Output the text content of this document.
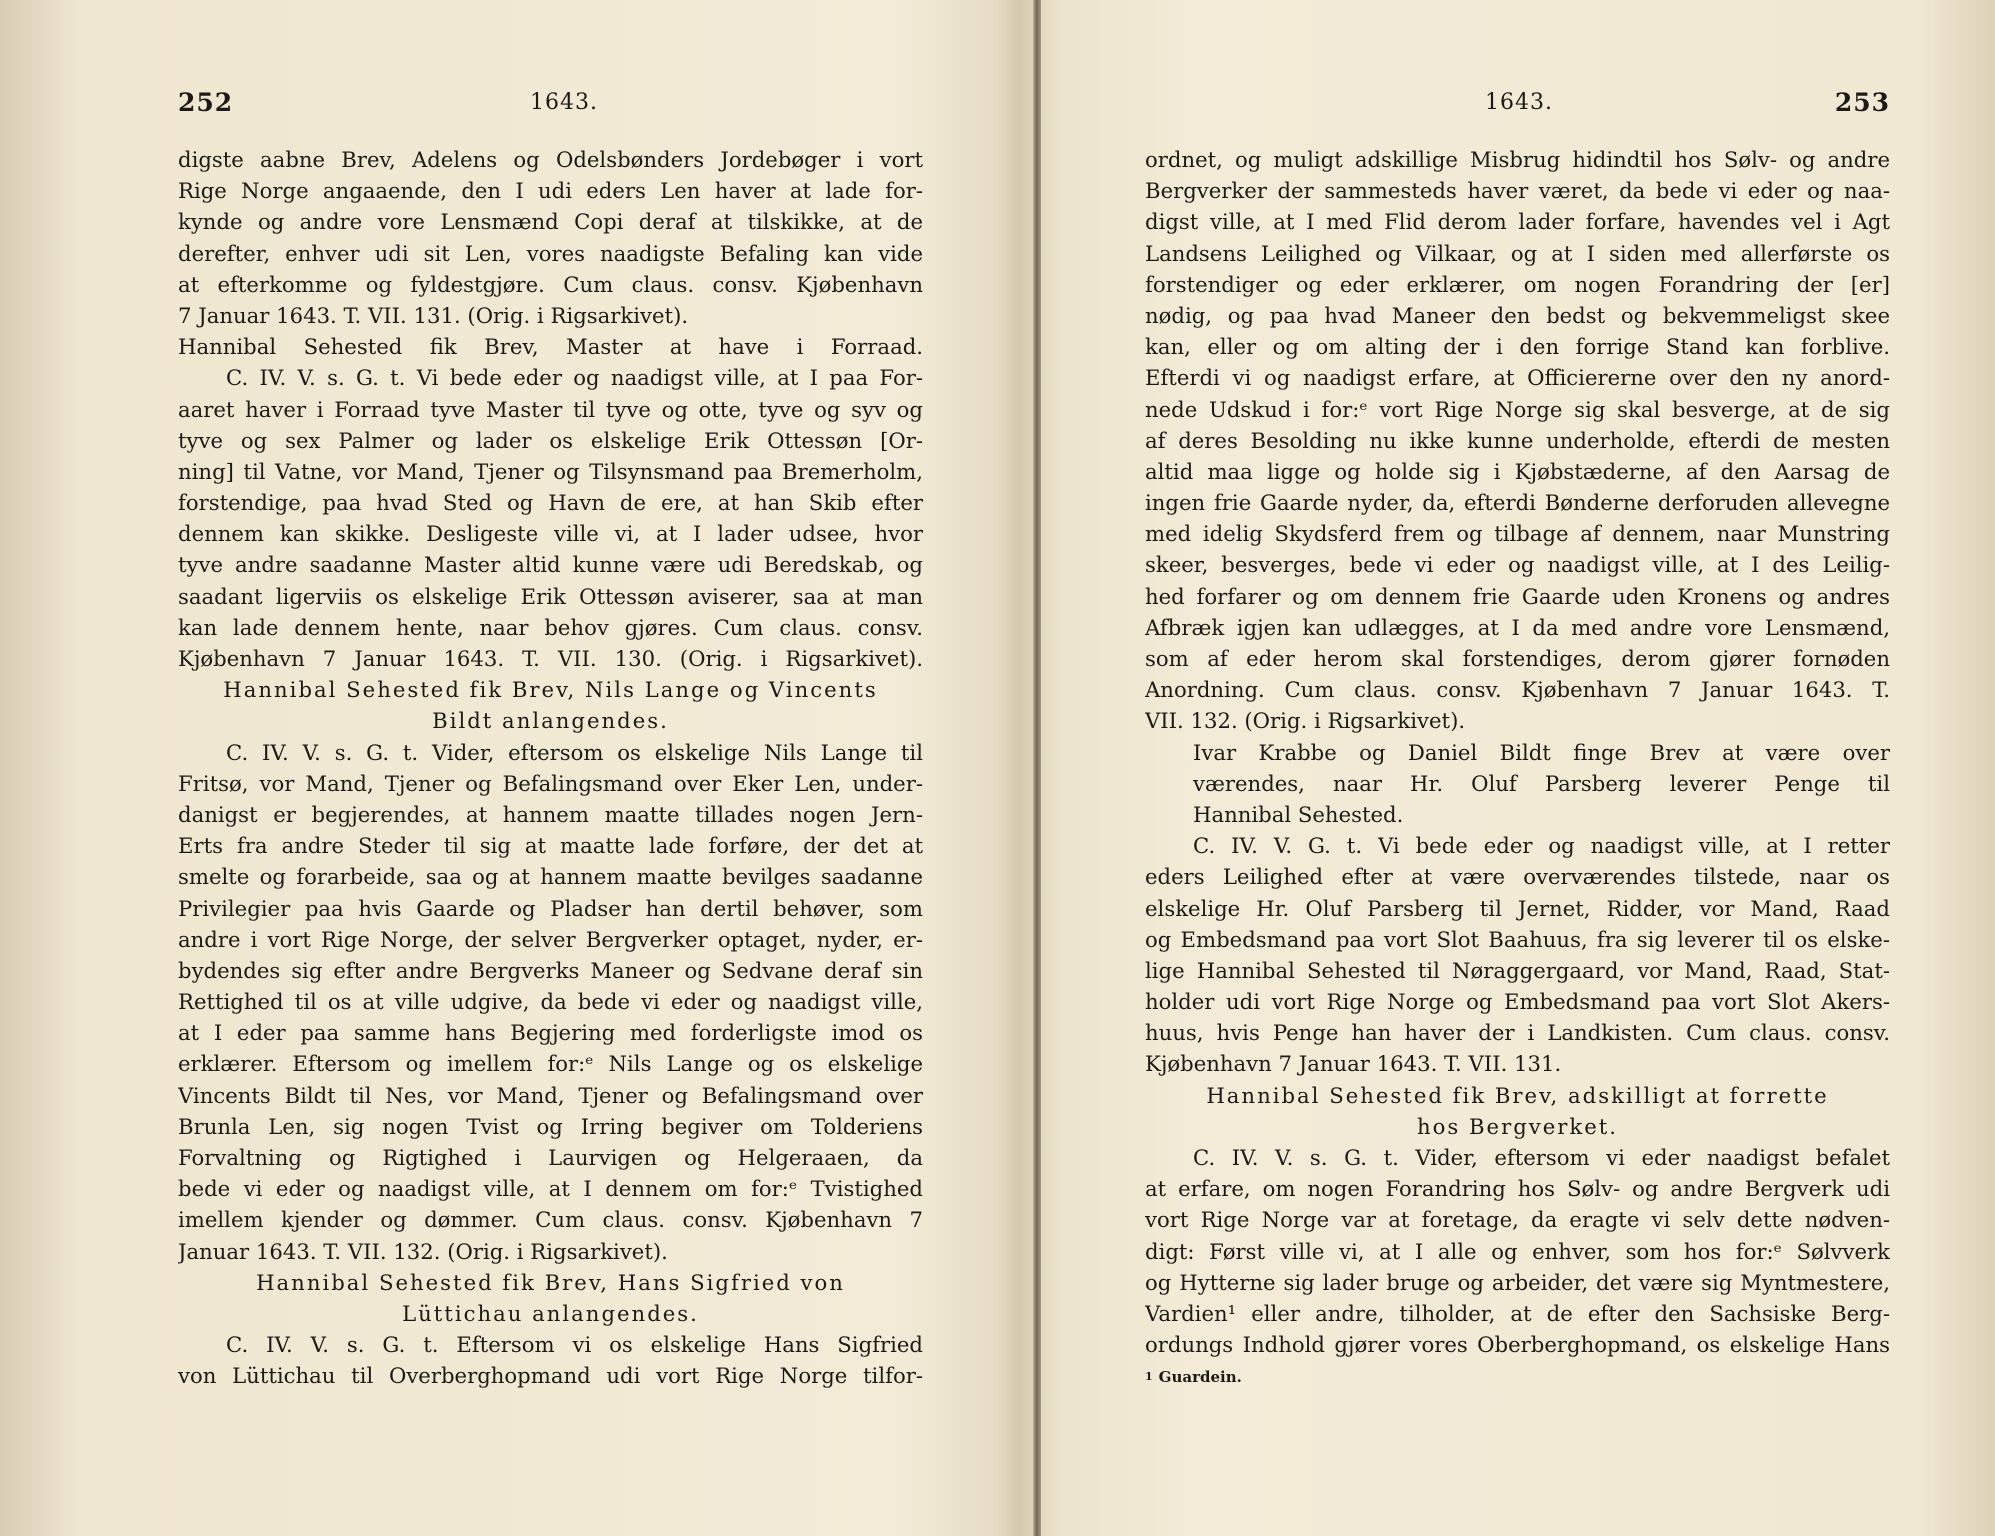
252	1643.
digste aabne Brev, Adelens og Odelsbønders Jordebøger i vort
Rige Norge angaaende, den I udi eders Len haver at lade for-
kynde og andre vore Lensmænd Copi deraf at tilskikke, at de
derefter, enhver udi sit Len, vores naadigste Befaling kan vide
at efterkomme og fyldestgjøre. Cum claus. consv. Kjøbenhavn
7 Januar 1643. T. VII. 131. (Orig. i Rigsarkivet).
Hannibal Sehested fik Brev, Master at have i Forraad.
C. IV. V. s. G. t. Vi bede eder og naadigst ville, at I paa For-
aaret haver i Forraad tyve Master til tyve og otte, tyve og syv og
tyve og sex Palmer og lader os elskelige Erik Ottessøn [Or-
ning] til Vatne, vor Mand, Tjener og Tilsynsmand paa Bremerholm,
forstendige, paa hvad Sted og Havn de ere, at han Skib efter
dennem kan skikke. Desligeste ville vi, at I lader udsee, hvor
tyve andre saadanne Master altid kunne være udi Beredskab, og
saadant ligerviis os elskelige Erik Ottessøn aviserer, saa at man
kan lade dennem hente, naar behov gjøres. Cum claus. consv.
Kjøbenhavn 7 Januar 1643. T. VII. 130. (Orig. i Rigsarkivet).
Hannibal Sehested fik Brev, Nils Lange og Vincents
Bildt anlangendes.
C. IV. V. s. G. t. Vider, eftersom os elskelige Nils Lange til
Fritsø, vor Mand, Tjener og Befalingsmand over Eker Len, under-
danigst er begjerendes, at hannem maatte tillades nogen Jern-
Erts fra andre Steder til sig at maatte lade forføre, der det at
smelte og forarbeide, saa og at hannem maatte bevilges saadanne
Privilegier paa hvis Gaarde og Pladser han dertil behøver, som
andre i vort Rige Norge, der selver Bergverker optaget, nyder, er-
bydendes sig efter andre Bergverks Maneer og Sedvane deraf sin
Rettighed til os at ville udgive, da bede vi eder og naadigst ville,
at I eder paa samme hans Begjering med forderligste imod os
erklærer. Eftersom og imellem for:ᵉ Nils Lange og os elskelige
Vincents Bildt til Nes, vor Mand, Tjener og Befalingsmand over
Brunla Len, sig nogen Tvist og Irring begiver om Tolderiens
Forvaltning og Rigtighed i Laurvigen og Helgeraaen, da
bede vi eder og naadigst ville, at I dennem om for:ᵉ Tvistighed
imellem kjender og dømmer. Cum claus. consv. Kjøbenhavn 7
Januar 1643. T. VII. 132. (Orig. i Rigsarkivet).
Hannibal Sehested fik Brev, Hans Sigfried von
Lüttichau anlangendes.
C. IV. V. s. G. t. Eftersom vi os elskelige Hans Sigfried
von Lüttichau til Overberghopmand udi vort Rige Norge tilfor-
1643.	253
ordnet, og muligt adskillige Misbrug hidindtil hos Sølv- og andre
Bergverker der sammesteds haver været, da bede vi eder og naa-
digst ville, at I med Flid derom lader forfare, havendes vel i Agt
Landsens Leilighed og Vilkaar, og at I siden med allerførste os
forstendiger og eder erklærer, om nogen Forandring der [er]
nødig, og paa hvad Maneer den bedst og bekvemmeligst skee
kan, eller og om alting der i den forrige Stand kan forblive.
Efterdi vi og naadigst erfare, at Officiererne over den ny anord-
nede Udskud i for:ᵉ vort Rige Norge sig skal besverge, at de sig
af deres Besolding nu ikke kunne underholde, efterdi de mesten
altid maa ligge og holde sig i Kjøbstæderne, af den Aarsag de
ingen frie Gaarde nyder, da, efterdi Bønderne derforuden allevegne
med idelig Skydsferd frem og tilbage af dennem, naar Munstring
skeer, besverges, bede vi eder og naadigst ville, at I des Leilig-
hed forfarer og om dennem frie Gaarde uden Kronens og andres
Afbræk igjen kan udlægges, at I da med andre vore Lensmænd,
som af eder herom skal forstendiges, derom gjører fornøden
Anordning. Cum claus. consv. Kjøbenhavn 7 Januar 1643. T.
VII. 132. (Orig. i Rigsarkivet).
Ivar Krabbe og Daniel Bildt finge Brev at være over
værendes, naar Hr. Oluf Parsberg leverer Penge til
Hannibal Sehested.
C. IV. V. G. t. Vi bede eder og naadigst ville, at I retter
eders Leilighed efter at være overværendes tilstede, naar os
elskelige Hr. Oluf Parsberg til Jernet, Ridder, vor Mand, Raad
og Embedsmand paa vort Slot Baahuus, fra sig leverer til os elske-
lige Hannibal Sehested til Nøraggergaard, vor Mand, Raad, Stat-
holder udi vort Rige Norge og Embedsmand paa vort Slot Akers-
huus, hvis Penge han haver der i Landkisten. Cum claus. consv.
Kjøbenhavn 7 Januar 1643. T. VII. 131.
Hannibal Sehested fik Brev, adskilligt at forrette
hos Bergverket.
C. IV. V. s. G. t. Vider, eftersom vi eder naadigst befalet
at erfare, om nogen Forandring hos Sølv- og andre Bergverk udi
vort Rige Norge var at foretage, da eragte vi selv dette nødven-
digt: Først ville vi, at I alle og enhver, som hos for:ᵉ Sølvverk
og Hytterne sig lader bruge og arbeider, det være sig Myntmestere,
Vardien¹ eller andre, tilholder, at de efter den Sachsiske Berg-
ordungs Indhold gjører vores Oberberghopmand, os elskelige Hans
$^1$ Guardein.
